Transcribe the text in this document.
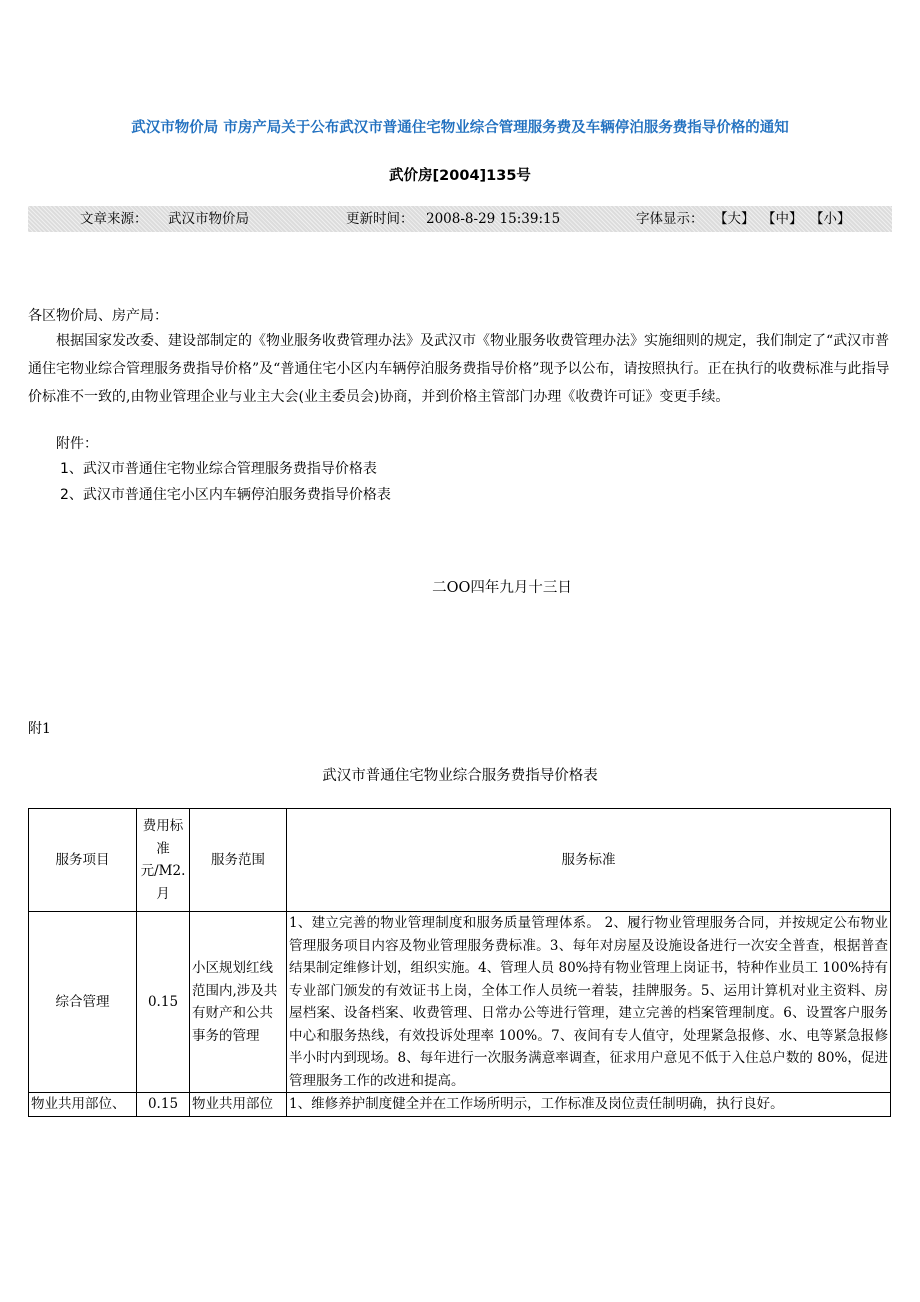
武汉市物价局 市房产局关于公布武汉市普通住宅物业综合管理服务费及车辆停泊服务费指导价格的通知
武价房[2004]135号
文章来源： 武汉市物价局	更新时间： 2008-8-29 15:39:15	字体显示： 【大】 【中】 【小】
各区物价局、房产局：
根据国家发改委、建设部制定的《物业服务收费管理办法》及武汉市《物业服务收费管理办法》实施细则的规定，我们制定了“武汉市普通住宅物业综合管理服务费指导价格”及“普通住宅小区内车辆停泊服务费指导价格”现予以公布，请按照执行。正在执行的收费标准与此指导价标准不一致的,由物业管理企业与业主大会(业主委员会)协商，并到价格主管部门办理《收费许可证》变更手续。
附件：
1、武汉市普通住宅物业综合管理服务费指导价格表
2、武汉市普通住宅小区内车辆停泊服务费指导价格表
二OO四年九月十三日
附1
武汉市普通住宅物业综合服务费指导价格表
服务项目	费用标准元/M2.月	服务范围	服务标准
综合管理	0.15	小区规划红线范围内,涉及共有财产和公共事务的管理	1、建立完善的物业管理制度和服务质量管理体系。 2、履行物业管理服务合同，并按规定公布物业管理服务项目内容及物业管理服务费标准。3、每年对房屋及设施设备进行一次安全普查，根据普查结果制定维修计划，组织实施。4、管理人员 80%持有物业管理上岗证书，特种作业员工 100%持有专业部门颁发的有效证书上岗，全体工作人员统一着装，挂牌服务。5、运用计算机对业主资料、房屋档案、设备档案、收费管理、日常办公等进行管理，建立完善的档案管理制度。6、设置客户服务中心和服务热线，有效投诉处理率 100%。7、夜间有专人值守，处理紧急报修、水、电等紧急报修半小时内到现场。8、每年进行一次服务满意率调查，征求用户意见不低于入住总户数的 80%，促进管理服务工作的改进和提高。
物业共用部位、	0.15	物业共用部位	1、维修养护制度健全并在工作场所明示，工作标准及岗位责任制明确，执行良好。
